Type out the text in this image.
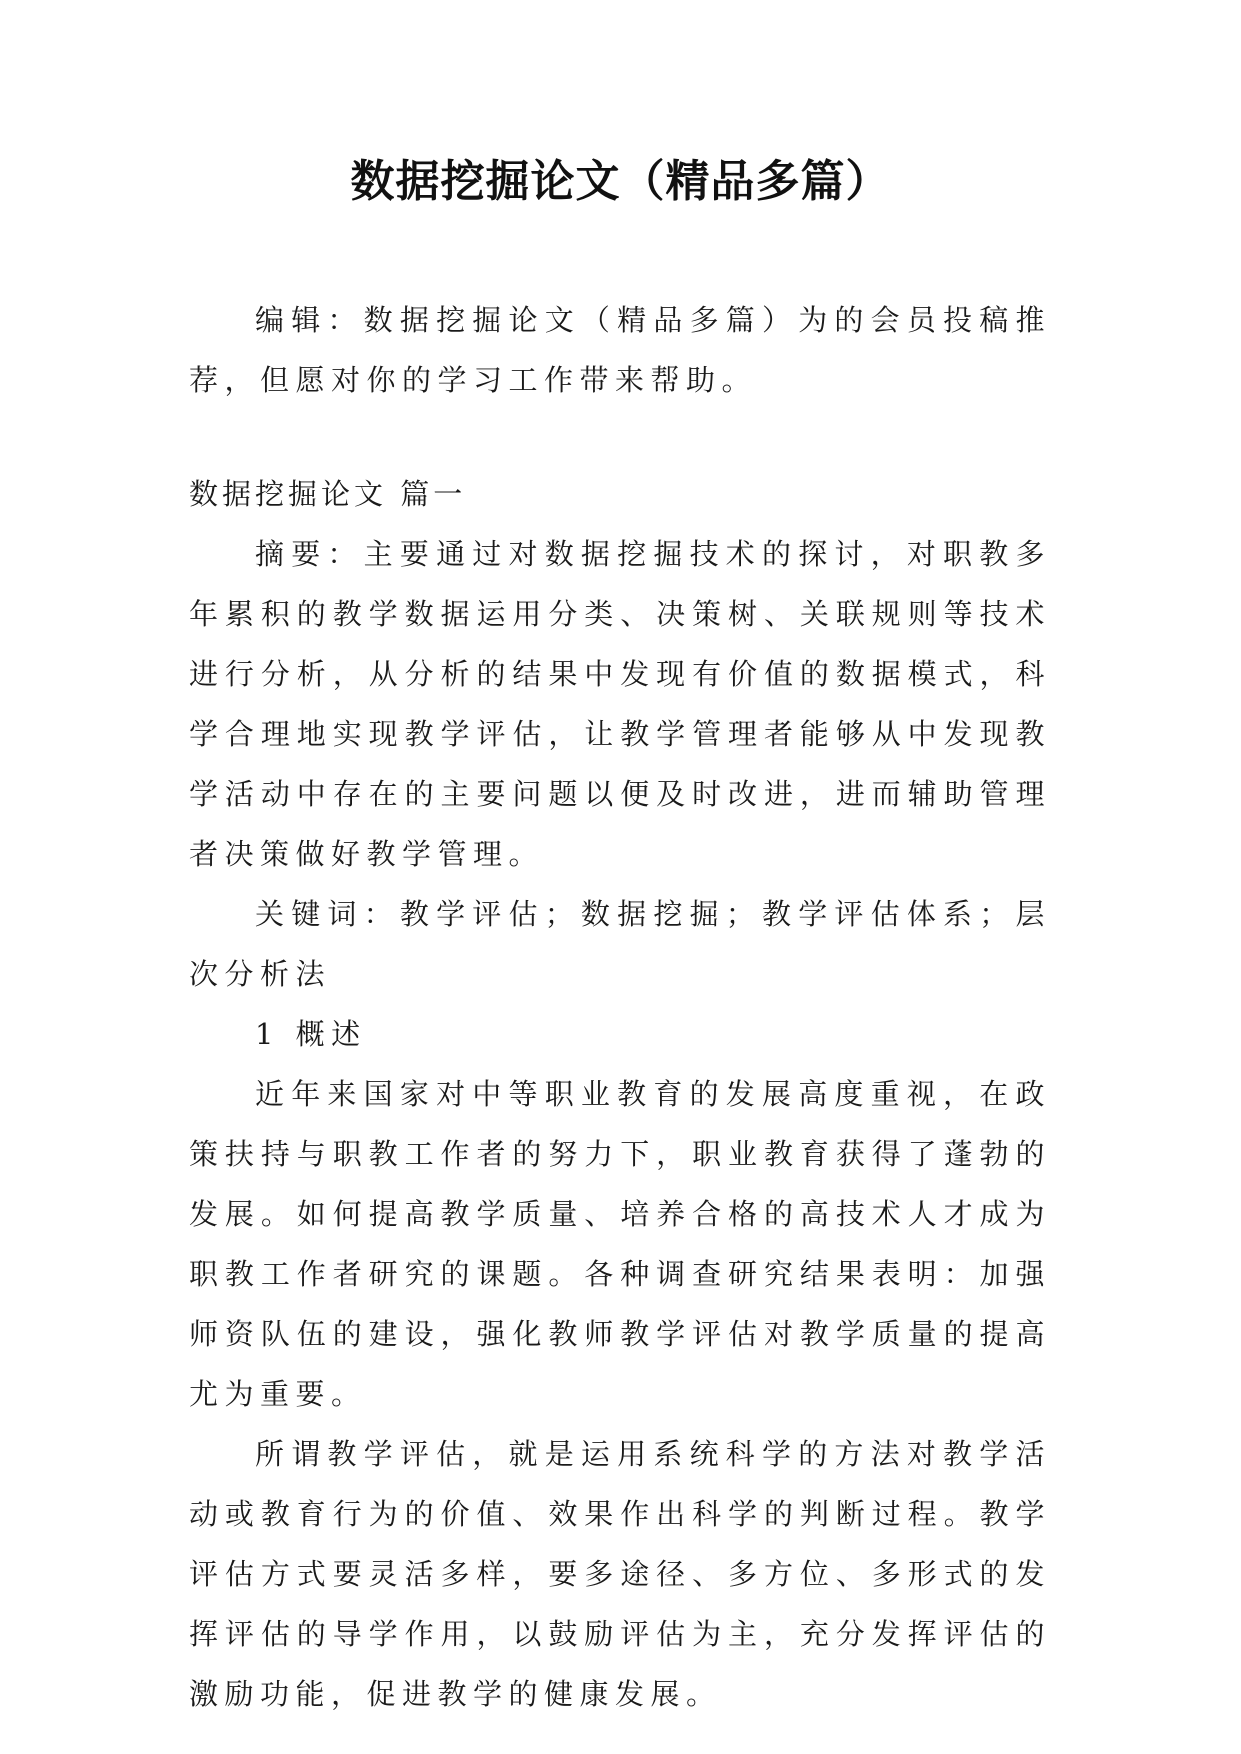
数据挖掘论文（精品多篇）

编辑：数据挖掘论文（精品多篇）为的会员投稿推荐，但愿对你的学习工作带来帮助。

数据挖掘论文 篇一

摘要：主要通过对数据挖掘技术的探讨，对职教多年累积的教学数据运用分类、决策树、关联规则等技术进行分析，从分析的结果中发现有价值的数据模式，科学合理地实现教学评估，让教学管理者能够从中发现教学活动中存在的主要问题以便及时改进，进而辅助管理者决策做好教学管理。

关键词：教学评估；数据挖掘；教学评估体系；层次分析法

1 概述

近年来国家对中等职业教育的发展高度重视，在政策扶持与职教工作者的努力下，职业教育获得了蓬勃的发展。如何提高教学质量、培养合格的高技术人才成为职教工作者研究的课题。各种调查研究结果表明：加强师资队伍的建设，强化教师教学评估对教学质量的提高尤为重要。

所谓教学评估，就是运用系统科学的方法对教学活动或教育行为的价值、效果作出科学的判断过程。教学评估方式要灵活多样，要多途径、多方位、多形式的发挥评估的导学作用，以鼓励评估为主，充分发挥评估的激励功能，促进教学的健康发展。
